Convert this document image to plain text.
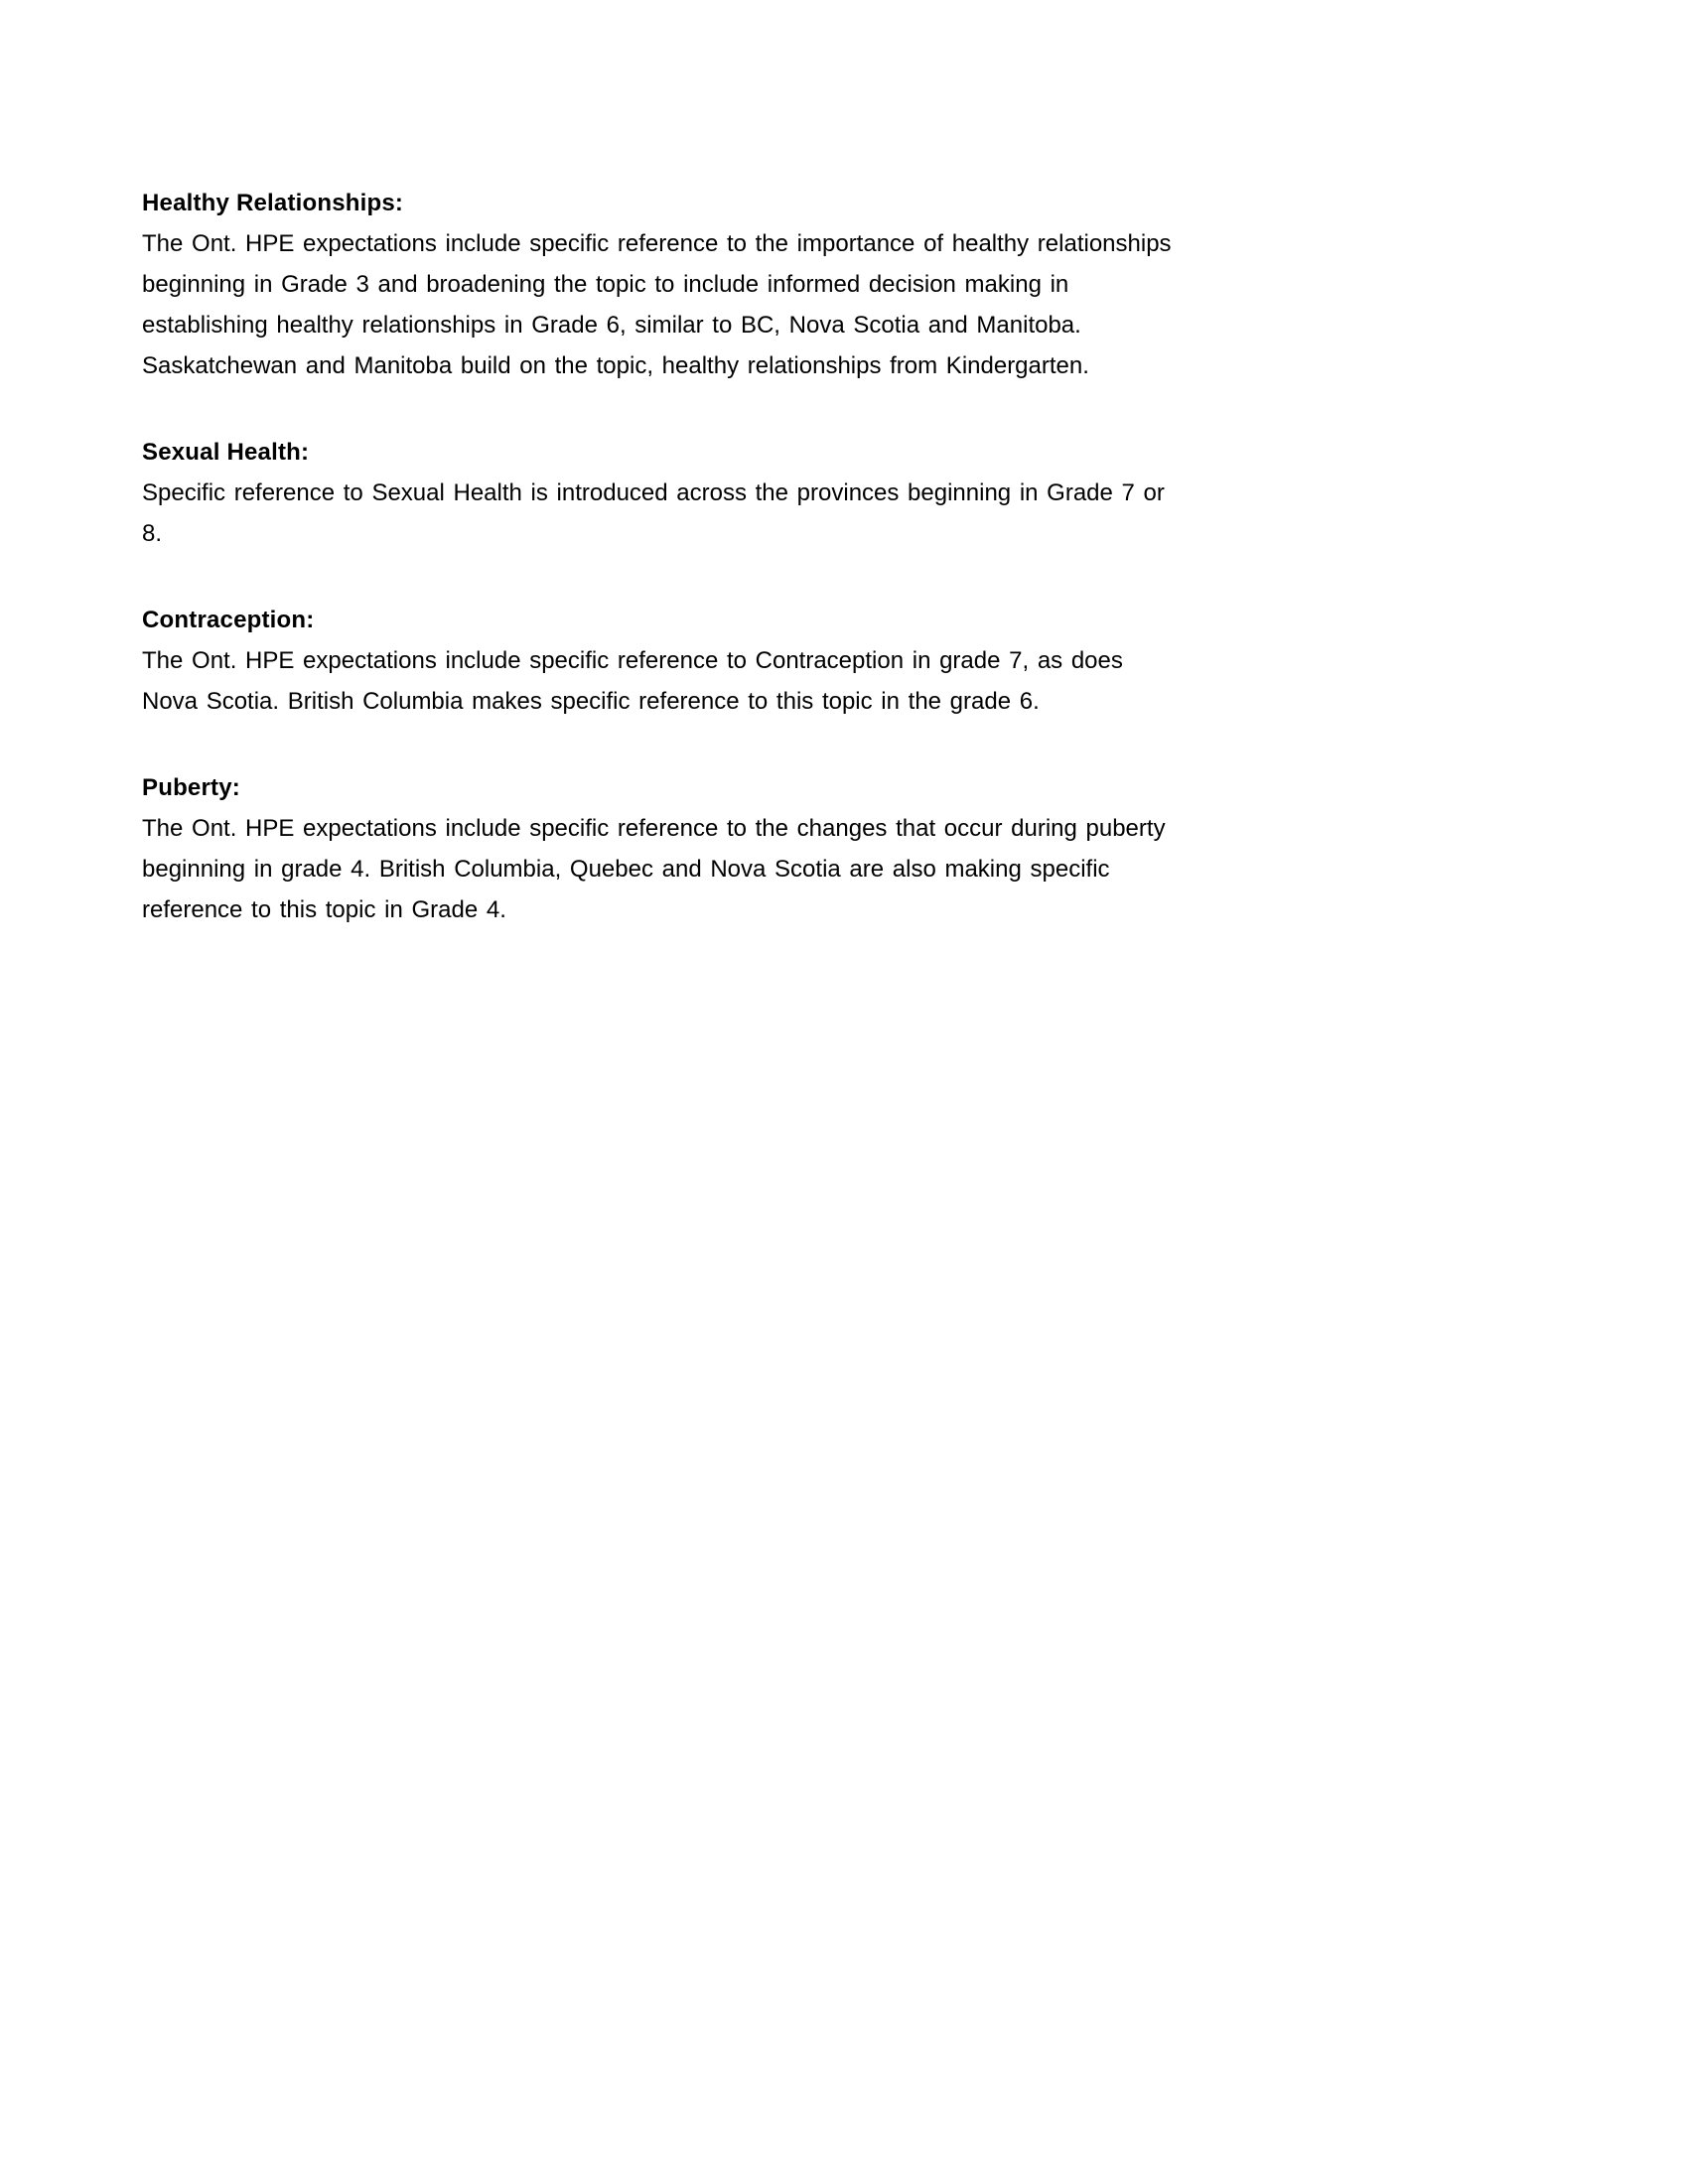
Healthy Relationships:
The Ont. HPE expectations include specific reference to the importance of healthy relationships
beginning in Grade 3 and broadening the topic to include informed decision making in
establishing healthy relationships in Grade 6, similar to BC, Nova Scotia and Manitoba.
Saskatchewan and Manitoba build on the topic, healthy relationships from Kindergarten.
Sexual Health:
Specific reference to Sexual Health is introduced across the provinces beginning in Grade 7 or
8.
Contraception:
The Ont. HPE expectations include specific reference to Contraception in grade 7, as does
Nova Scotia. British Columbia makes specific reference to this topic in the grade 6.
Puberty:
The Ont. HPE expectations include specific reference to the changes that occur during puberty
beginning in grade 4. British Columbia, Quebec and Nova Scotia are also making specific
reference to this topic in Grade 4.
